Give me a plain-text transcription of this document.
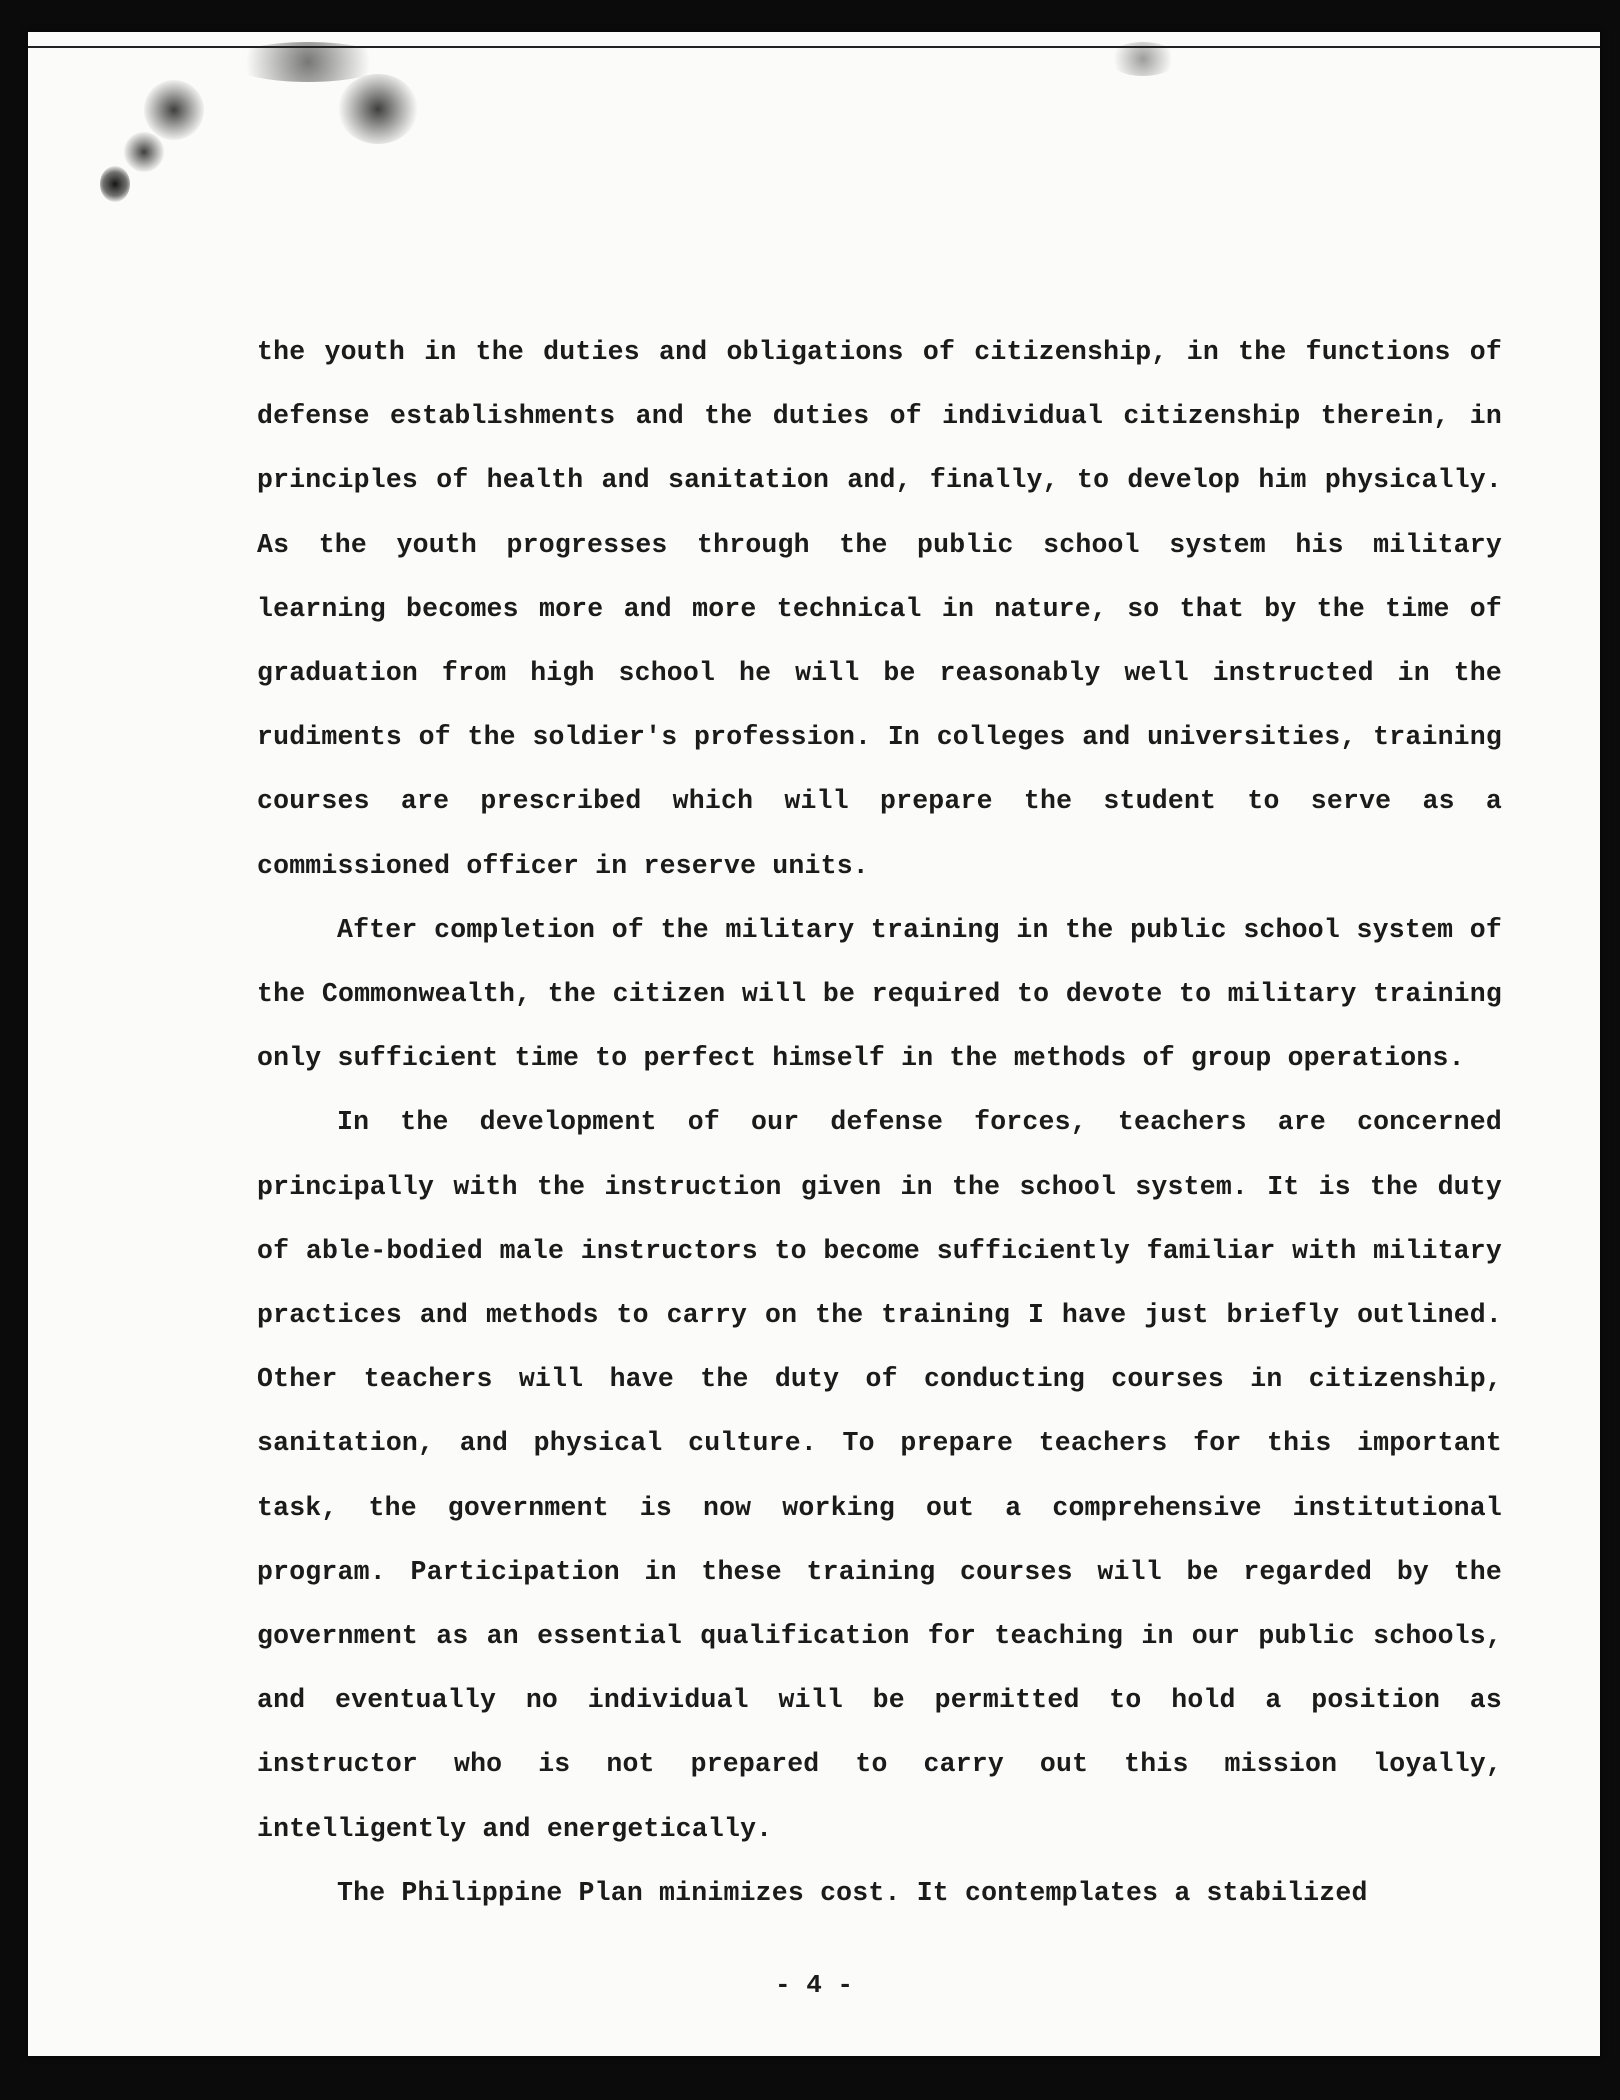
the youth in the duties and obligations of citizenship, in the functions of defense establishments and the duties of individual citizenship therein, in principles of health and sanitation and, finally, to develop him physically. As the youth progresses through the public school system his military learning becomes more and more technical in nature, so that by the time of graduation from high school he will be reasonably well instructed in the rudiments of the soldier's profession. In colleges and universities, training courses are prescribed which will prepare the student to serve as a commissioned officer in reserve units.

After completion of the military training in the public school system of the Commonwealth, the citizen will be required to devote to military training only sufficient time to perfect himself in the methods of group operations.

In the development of our defense forces, teachers are concerned principally with the instruction given in the school system. It is the duty of able-bodied male instructors to become sufficiently familiar with military practices and methods to carry on the training I have just briefly outlined. Other teachers will have the duty of conducting courses in citizenship, sanitation, and physical culture. To prepare teachers for this important task, the government is now working out a comprehensive institutional program. Participation in these training courses will be regarded by the government as an essential qualification for teaching in our public schools, and eventually no individual will be permitted to hold a position as instructor who is not prepared to carry out this mission loyally, intelligently and energetically.

The Philippine Plan minimizes cost. It contemplates a stabilized

- 4 -
